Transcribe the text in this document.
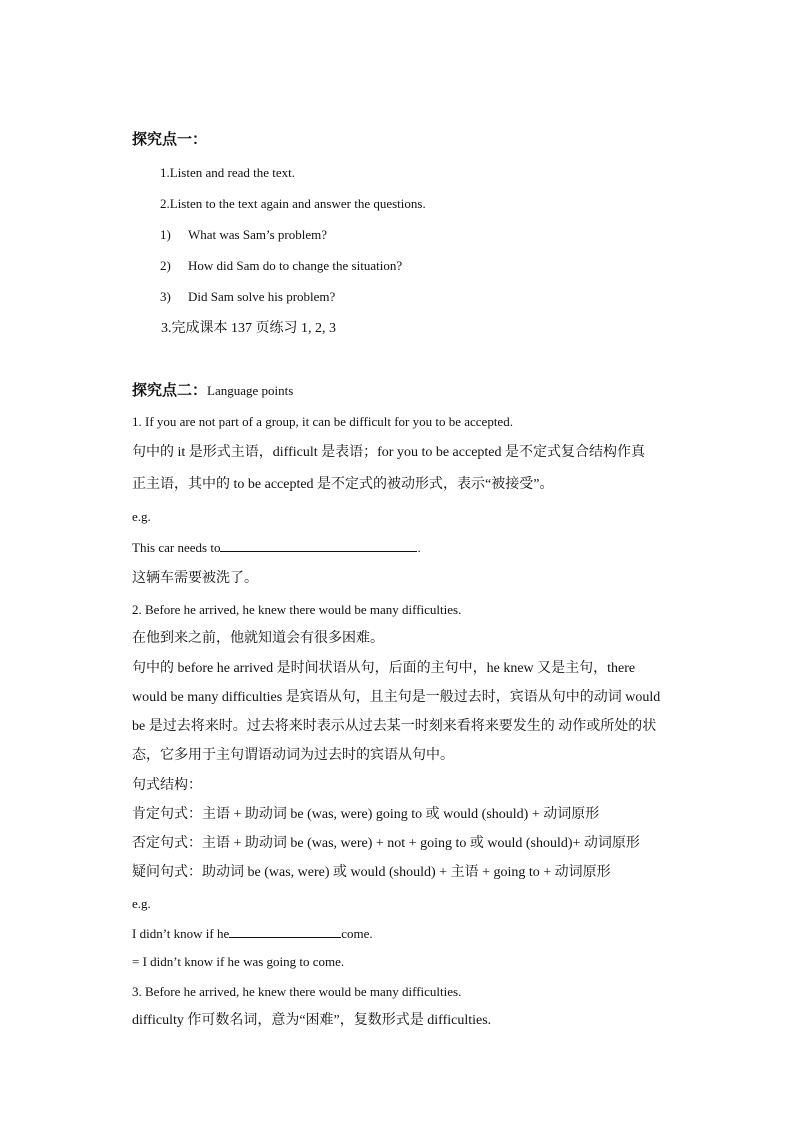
探究点一：
1.Listen and read the text.
2.Listen to the text again and answer the questions.
1) What was Sam’s problem?
2) How did Sam do to change the situation?
3) Did Sam solve his problem?
3.完成课本 137 页练习 1, 2, 3
探究点二：Language points
1. If you are not part of a group, it can be difficult for you to be accepted.
句中的 it 是形式主语，difficult 是表语；for you to be accepted 是不定式复合结构作真
正主语，其中的 to be accepted 是不定式的被动形式，表示“被接受”。
e.g.
This car needs to	.
这辆车需要被洗了。
2. Before he arrived, he knew there would be many difficulties.
在他到来之前，他就知道会有很多困难。
句中的 before he arrived 是时间状语从句，后面的主句中，he knew 又是主句，there
would be many difficulties 是宾语从句，且主句是一般过去时，宾语从句中的动词 would
be 是过去将来时。过去将来时表示从过去某一时刻来看将来要发生的 动作或所处的状
态，它多用于主句谓语动词为过去时的宾语从句中。
句式结构：
肯定句式：主语 + 助动词 be (was, were) going to 或 would (should) + 动词原形
否定句式：主语 + 助动词 be (was, were) + not + going to 或 would (should)+ 动词原形
疑问句式：助动词 be (was, were) 或 would (should) + 主语 + going to + 动词原形
e.g.
I didn’t know if he	come.
= I didn’t know if he was going to come.
3. Before he arrived, he knew there would be many difficulties.
difficulty 作可数名词，意为“困难”，复数形式是 difficulties.
